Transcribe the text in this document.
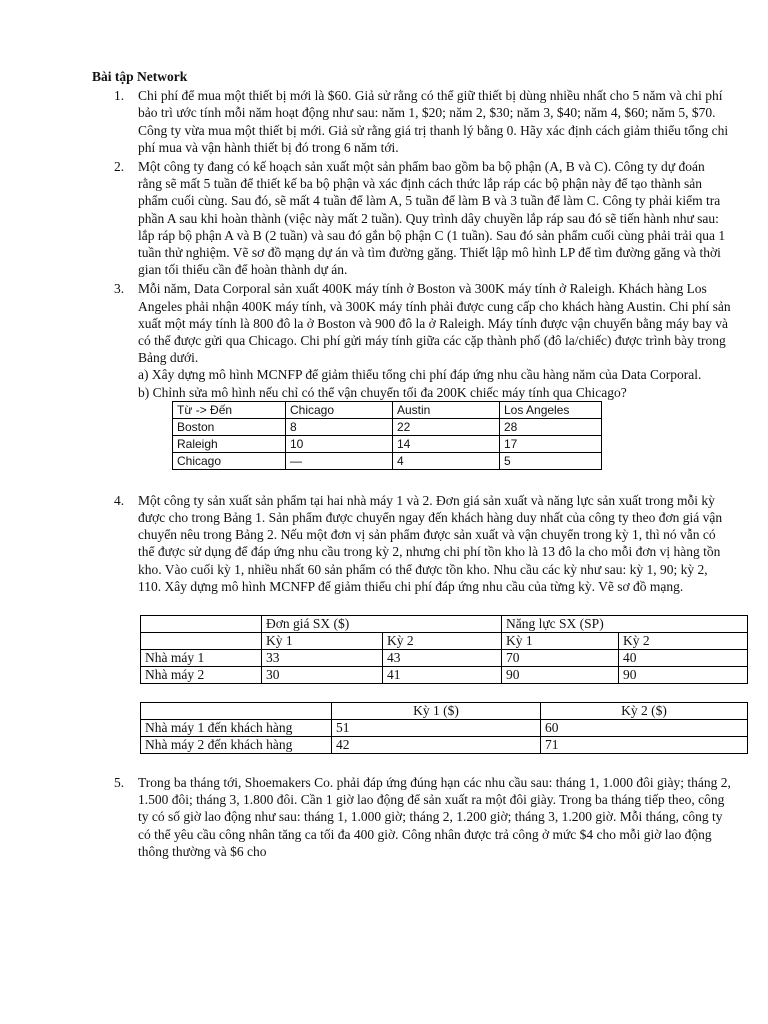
Bài tập Network
1. Chi phí để mua một thiết bị mới là $60. Giả sử rằng có thể giữ thiết bị dùng nhiều nhất cho 5 năm và chi phí bảo trì ước tính mỗi năm hoạt động như sau: năm 1, $20; năm 2, $30; năm 3, $40; năm 4, $60; năm 5, $70. Công ty vừa mua một thiết bị mới. Giả sử rằng giá trị thanh lý bằng 0. Hãy xác định cách giảm thiểu tổng chi phí mua và vận hành thiết bị đó trong 6 năm tới.

2. Một công ty đang có kế hoạch sản xuất một sản phẩm bao gồm ba bộ phận (A, B và C). Công ty dự đoán rằng sẽ mất 5 tuần để thiết kế ba bộ phận và xác định cách thức lắp ráp các bộ phận này để tạo thành sản phẩm cuối cùng. Sau đó, sẽ mất 4 tuần để làm A, 5 tuần để làm B và 3 tuần để làm C. Công ty phải kiểm tra phần A sau khi hoàn thành (việc này mất 2 tuần). Quy trình dây chuyền lắp ráp sau đó sẽ tiến hành như sau: lắp ráp bộ phận A và B (2 tuần) và sau đó gắn bộ phận C (1 tuần). Sau đó sản phẩm cuối cùng phải trải qua 1 tuần thử nghiệm. Vẽ sơ đồ mạng dự án và tìm đường găng. Thiết lập mô hình LP để tìm đường găng và thời gian tối thiểu cần để hoàn thành dự án.

3. Mỗi năm, Data Corporal sản xuất 400K máy tính ở Boston và 300K máy tính ở Raleigh. Khách hàng Los Angeles phải nhận 400K máy tính, và 300K máy tính phải được cung cấp cho khách hàng Austin. Chi phí sản xuất một máy tính là 800 đô la ở Boston và 900 đô la ở Raleigh. Máy tính được vận chuyển bằng máy bay và có thể được gửi qua Chicago. Chi phí gửi máy tính giữa các cặp thành phố (đô la/chiếc) được trình bày trong Bảng dưới.

a) Xây dựng mô hình MCNFP để giảm thiểu tổng chi phí đáp ứng nhu cầu hàng năm của Data Corporal.

b) Chỉnh sửa mô hình nếu chỉ có thể vận chuyển tối đa 200K chiếc máy tính qua Chicago?

Từ -> Đến	Chicago	Austin	Los Angeles
Boston	8	22	28
Raleigh	10	14	17
Chicago	—	4	5
4. Một công ty sản xuất sản phẩm tại hai nhà máy 1 và 2. Đơn giá sản xuất và năng lực sản xuất trong mỗi kỳ được cho trong Bảng 1. Sản phẩm được chuyển ngay đến khách hàng duy nhất của công ty theo đơn giá vận chuyển nêu trong Bảng 2. Nếu một đơn vị sản phẩm được sản xuất và vận chuyển trong kỳ 1, thì nó vẫn có thể được sử dụng để đáp ứng nhu cầu trong kỳ 2, nhưng chi phí tồn kho là 13 đô la cho mỗi đơn vị hàng tồn kho. Vào cuối kỳ 1, nhiều nhất 60 sản phẩm có thể được tồn kho. Nhu cầu các kỳ như sau: kỳ 1, 90; kỳ 2, 110. Xây dựng mô hình MCNFP để giảm thiểu chi phí đáp ứng nhu cầu của từng kỳ. Vẽ sơ đồ mạng.

	Đơn giá SX ($)		Năng lực SX (SP)	
	Kỳ 1	Kỳ 2	Kỳ 1	Kỳ 2
Nhà máy 1	33	43	70	40
Nhà máy 2	30	41	90	90
	Kỳ 1 ($)	Kỳ 2 ($)
Nhà máy 1 đến khách hàng	51	60
Nhà máy 2 đến khách hàng	42	71
5. Trong ba tháng tới, Shoemakers Co. phải đáp ứng đúng hạn các nhu cầu sau: tháng 1, 1.000 đôi giày; tháng 2, 1.500 đôi; tháng 3, 1.800 đôi. Cần 1 giờ lao động để sản xuất ra một đôi giày. Trong ba tháng tiếp theo, công ty có số giờ lao động như sau: tháng 1, 1.000 giờ; tháng 2, 1.200 giờ; tháng 3, 1.200 giờ. Mỗi tháng, công ty có thể yêu cầu công nhân tăng ca tối đa 400 giờ. Công nhân được trả công ở mức $4 cho mỗi giờ lao động thông thường và $6 cho
